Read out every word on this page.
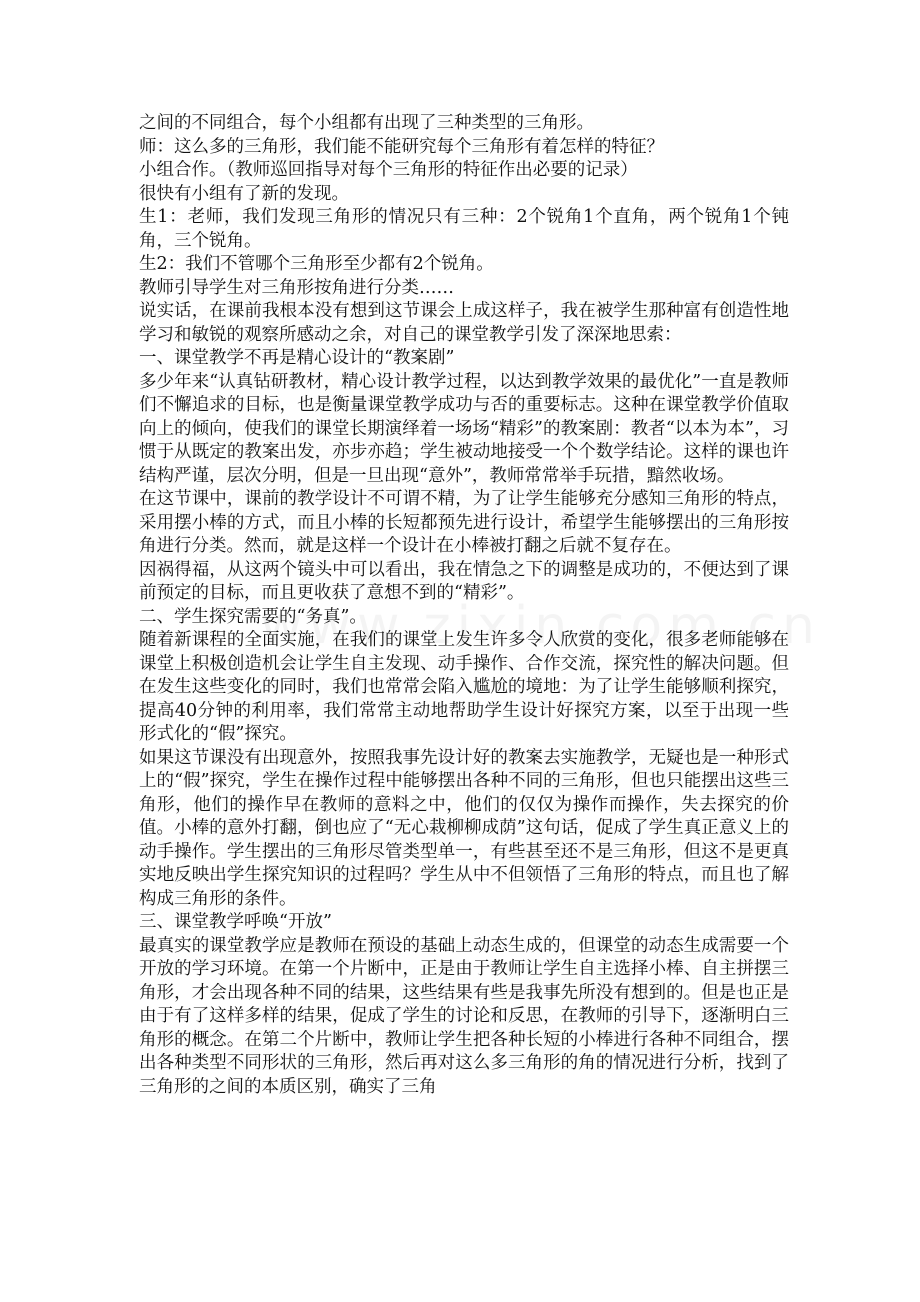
之间的不同组合，每个小组都有出现了三种类型的三角形。

师：这么多的三角形，我们能不能研究每个三角形有着怎样的特征？

小组合作。（教师巡回指导对每个三角形的特征作出必要的记录）

很快有小组有了新的发现。

生1：老师，我们发现三角形的情况只有三种：2个锐角1个直角，两个锐角1个钝角，三个锐角。

生2：我们不管哪个三角形至少都有2个锐角。

教师引导学生对三角形按角进行分类……

说实话，在课前我根本没有想到这节课会上成这样子，我在被学生那种富有创造性地学习和敏锐的观察所感动之余，对自己的课堂教学引发了深深地思索：

一、课堂教学不再是精心设计的“教案剧”

多少年来“认真钻研教材，精心设计教学过程，以达到教学效果的最优化”一直是教师们不懈追求的目标，也是衡量课堂教学成功与否的重要标志。这种在课堂教学价值取向上的倾向，使我们的课堂长期演绎着一场场“精彩”的教案剧：教者“以本为本”，习惯于从既定的教案出发，亦步亦趋；学生被动地接受一个个数学结论。这样的课也许结构严谨，层次分明，但是一旦出现“意外”，教师常常举手玩措，黯然收场。

在这节课中，课前的教学设计不可谓不精，为了让学生能够充分感知三角形的特点，采用摆小棒的方式，而且小棒的长短都预先进行设计，希望学生能够摆出的三角形按角进行分类。然而，就是这样一个设计在小棒被打翻之后就不复存在。

因祸得福，从这两个镜头中可以看出，我在情急之下的调整是成功的，不便达到了课前预定的目标，而且更收获了意想不到的“精彩”。

二、学生探究需要的“务真”。

随着新课程的全面实施，在我们的课堂上发生许多令人欣赏的变化，很多老师能够在课堂上积极创造机会让学生自主发现、动手操作、合作交流，探究性的解决问题。但在发生这些变化的同时，我们也常常会陷入尴尬的境地：为了让学生能够顺利探究，提高40分钟的利用率，我们常常主动地帮助学生设计好探究方案，以至于出现一些形式化的“假”探究。

如果这节课没有出现意外，按照我事先设计好的教案去实施教学，无疑也是一种形式上的“假”探究，学生在操作过程中能够摆出各种不同的三角形，但也只能摆出这些三角形，他们的操作早在教师的意料之中，他们的仅仅为操作而操作，失去探究的价值。小棒的意外打翻，倒也应了“无心栽柳柳成荫”这句话，促成了学生真正意义上的动手操作。学生摆出的三角形尽管类型单一，有些甚至还不是三角形，但这不是更真实地反映出学生探究知识的过程吗？学生从中不但领悟了三角形的特点，而且也了解构成三角形的条件。

三、课堂教学呼唤“开放”

最真实的课堂教学应是教师在预设的基础上动态生成的，但课堂的动态生成需要一个开放的学习环境。在第一个片断中，正是由于教师让学生自主选择小棒、自主拼摆三角形，才会出现各种不同的结果，这些结果有些是我事先所没有想到的。但是也正是由于有了这样多样的结果，促成了学生的讨论和反思，在教师的引导下，逐渐明白三角形的概念。在第二个片断中，教师让学生把各种长短的小棒进行各种不同组合，摆出各种类型不同形状的三角形，然后再对这么多三角形的角的情况进行分析，找到了三角形的之间的本质区别，确实了三角
